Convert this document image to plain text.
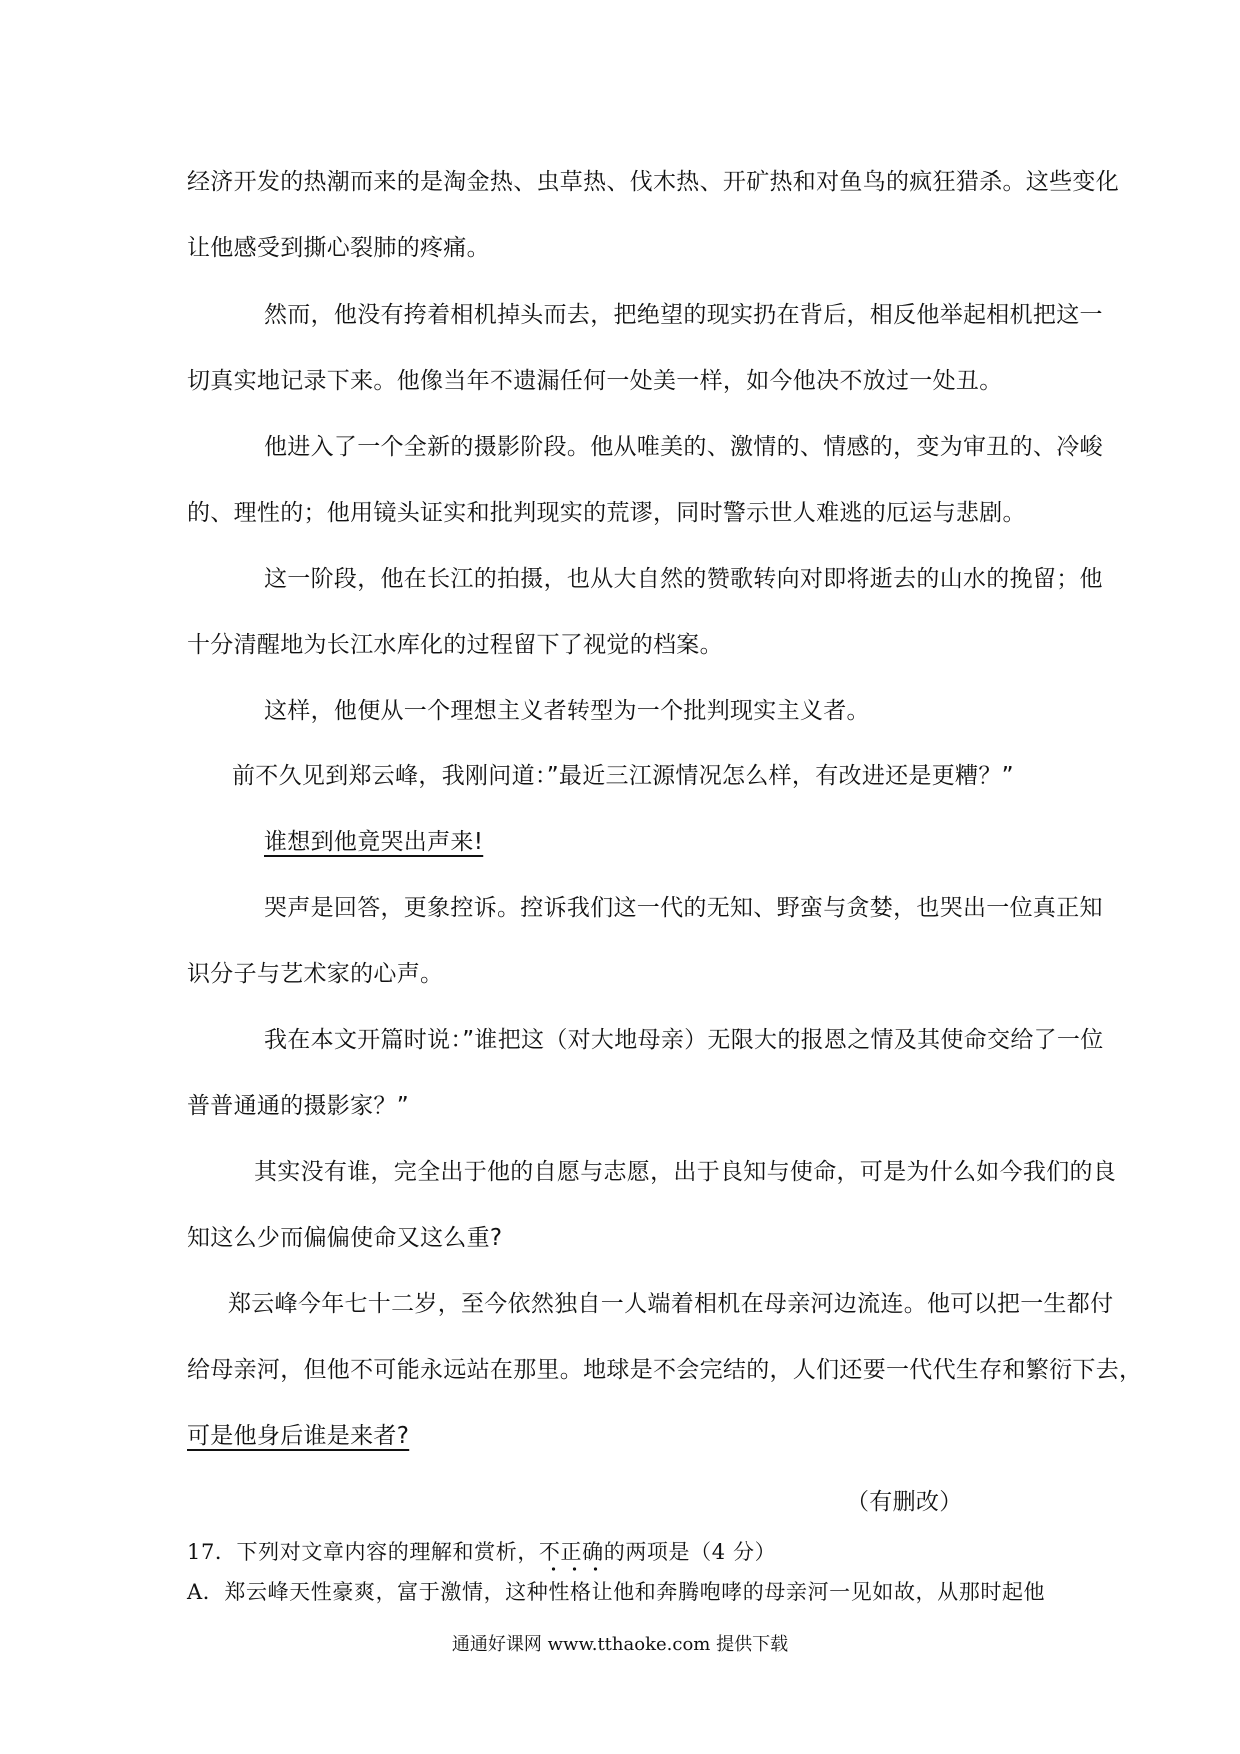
经济开发的热潮而来的是淘金热、虫草热、伐木热、开矿热和对鱼鸟的疯狂猎杀。这些变化

让他感受到撕心裂肺的疼痛。

然而，他没有挎着相机掉头而去，把绝望的现实扔在背后，相反他举起相机把这一

切真实地记录下来。他像当年不遗漏任何一处美一样，如今他决不放过一处丑。

他进入了一个全新的摄影阶段。他从唯美的、激情的、情感的，变为审丑的、冷峻

的、理性的；他用镜头证实和批判现实的荒谬，同时警示世人难逃的厄运与悲剧。

这一阶段，他在长江的拍摄，也从大自然的赞歌转向对即将逝去的山水的挽留；他

十分清醒地为长江水库化的过程留下了视觉的档案。

这样，他便从一个理想主义者转型为一个批判现实主义者。

前不久见到郑云峰，我刚问道：”最近三江源情况怎么样，有改进还是更糟？”

谁想到他竟哭出声来!

哭声是回答，更象控诉。控诉我们这一代的无知、野蛮与贪婪，也哭出一位真正知

识分子与艺术家的心声。

我在本文开篇时说：”谁把这（对大地母亲）无限大的报恩之情及其使命交给了一位

普普通通的摄影家？”

其实没有谁，完全出于他的自愿与志愿，出于良知与使命，可是为什么如今我们的良

知这么少而偏偏使命又这么重?

郑云峰今年七十二岁，至今依然独自一人端着相机在母亲河边流连。他可以把一生都付

给母亲河，但他不可能永远站在那里。地球是不会完结的，人们还要一代代生存和繁衍下去，

可是他身后谁是来者?

（有删改）

17．下列对文章内容的理解和赏析，不正确的两项是（4 分）

A．郑云峰天性豪爽，富于激情，这种性格让他和奔腾咆哮的母亲河一见如故，从那时起他

通通好课网 www.tthaoke.com 提供下载
